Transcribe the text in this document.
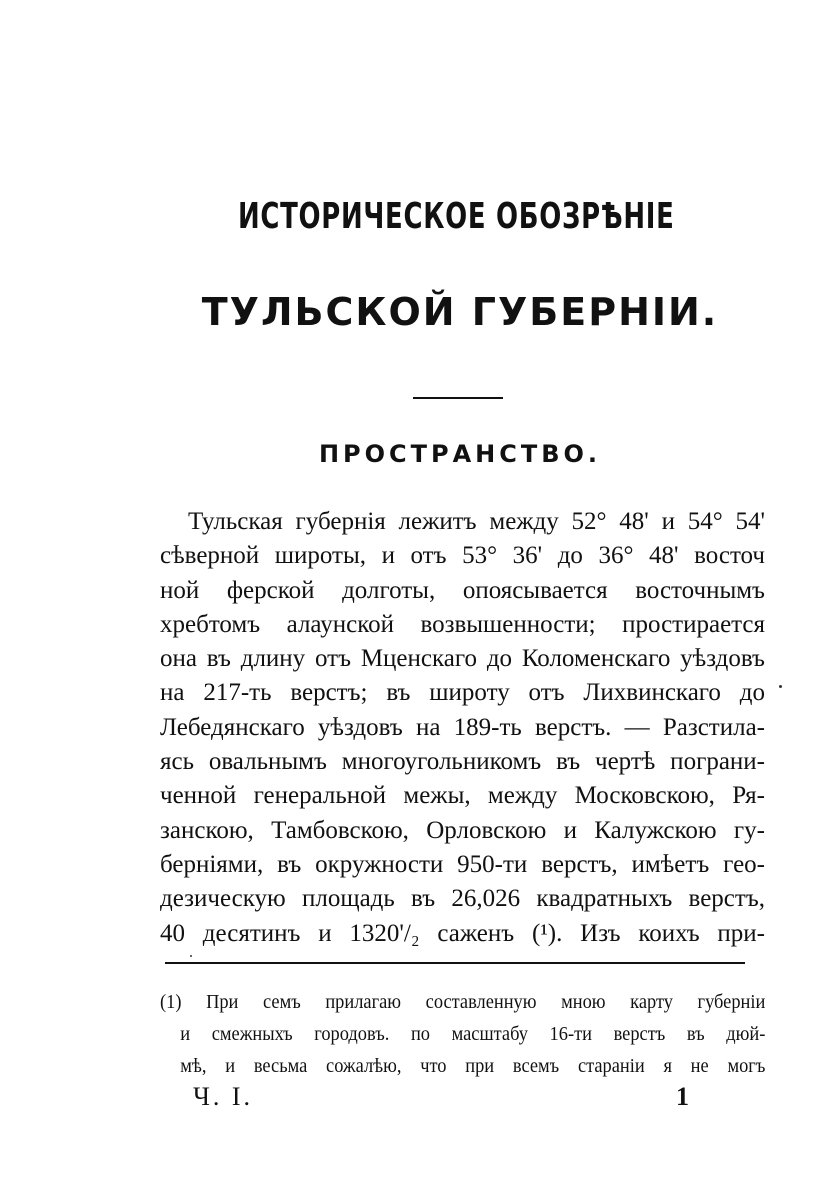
ИСТОРИЧЕСКОЕ ОБОЗРѢНІЕ
ТУЛЬСКОЙ ГУБЕРНІИ.
ПРОСТРАНСТВО.
Тульская губернія лежитъ между 52° 48' и 54° 54'
сѣверной широты, и отъ 53° 36' до 36° 48' восточ
ной ферской долготы, опоясывается восточнымъ
хребтомъ алаунской возвышенности; простирается
она въ длину отъ Мценскаго до Коломенскаго уѣздовъ
на 217-ть верстъ; въ широту отъ Лихвинскаго до
Лебедянскаго уѣздовъ на 189-ть верстъ. — Разстила-
ясь овальнымъ многоугольникомъ въ чертѣ пограни-
ченной генеральной межы, между Московскою, Ря-
занскою, Тамбовскою, Орловскою и Калужскою гу-
берніями, въ окружности 950-ти верстъ, имѣетъ гео-
дезическую площадь въ 26,026 квадратныхъ верстъ,
40 десятинъ и 1320'/₂ саженъ (¹). Изъ коихъ при-
(1) При семъ прилагаю составленную мною карту губерніи
и смежныхъ городовъ. по масштабу 16-ти верстъ въ дюй-
мѣ, и весьма сожалѣю, что при всемъ стараніи я не могъ
Ч. I.	1
